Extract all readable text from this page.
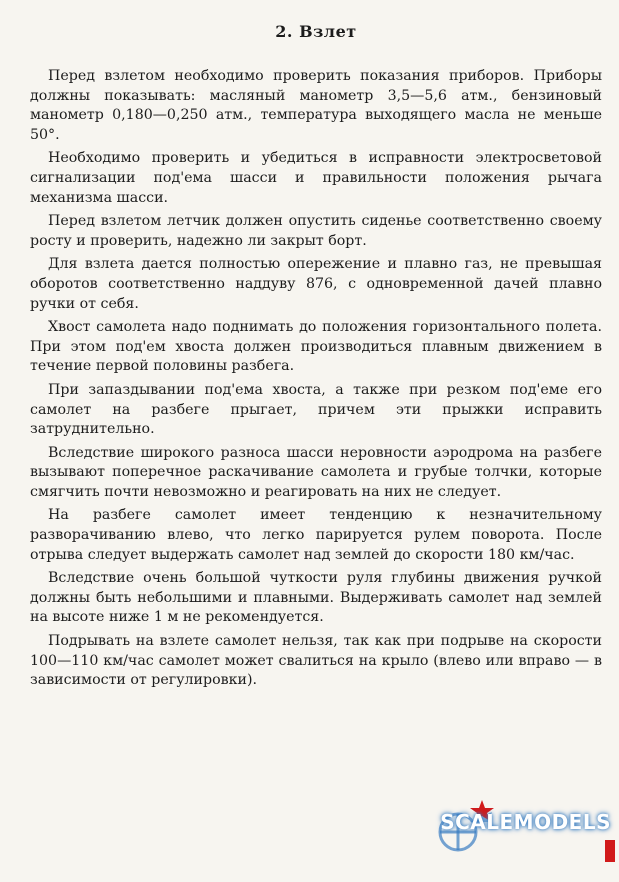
2. Взлет

Перед взлетом необходимо проверить показания приборов. Приборы должны показывать: масляный манометр 3,5—5,6 атм., бензиновый манометр 0,180—0,250 атм., температура выходящего масла не меньше 50°.

Необходимо проверить и убедиться в исправности электросветовой сигнализации под'ема шасси и правильности положения рычага механизма шасси.

Перед взлетом летчик должен опустить сиденье соответственно своему росту и проверить, надежно ли закрыт борт.

Для взлета дается полностью опережение и плавно газ, не превышая оборотов соответственно наддуву 876, с одновременной дачей плавно ручки от себя.

Хвост самолета надо поднимать до положения горизонтального полета. При этом под'ем хвоста должен производиться плавным движением в течение первой половины разбега.

При запаздывании под'ема хвоста, а также при резком под'еме его самолет на разбеге прыгает, причем эти прыжки исправить затруднительно.

Вследствие широкого разноса шасси неровности аэродрома на разбеге вызывают поперечное раскачивание самолета и грубые толчки, которые смягчить почти невозможно и реагировать на них не следует.

На разбеге самолет имеет тенденцию к незначительному разворачиванию влево, что легко парируется рулем поворота. После отрыва следует выдержать самолет над землей до скорости 180 км/час.

Вследствие очень большой чуткости руля глубины движения ручкой должны быть небольшими и плавными. Выдерживать самолет над землей на высоте ниже 1 м не рекомендуется.

Подрывать на взлете самолет нельзя, так как при подрыве на скорости 100—110 км/час самолет может свалиться на крыло (влево или вправо — в зависимости от регулировки).

SCALEMODELS
